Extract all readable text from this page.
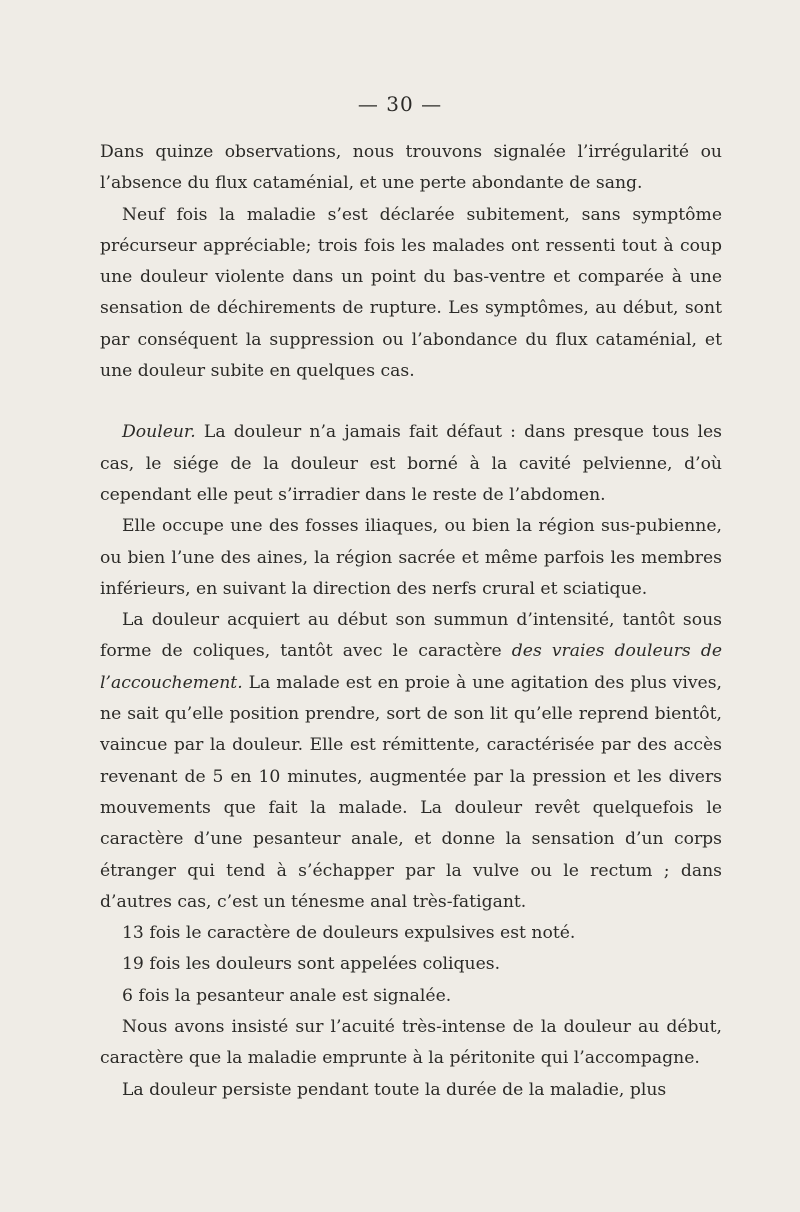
— 30 —

Dans quinze observations, nous trouvons signalée l’irrégularité ou l’absence du flux cataménial, et une perte abondante de sang.

Neuf fois la maladie s’est déclarée subitement, sans symptôme précurseur appréciable; trois fois les malades ont ressenti tout à coup une douleur violente dans un point du bas-ventre et comparée à une sensation de déchirements de rupture. Les symptômes, au début, sont par conséquent la suppression ou l’abondance du flux cataménial, et une douleur subite en quelques cas.

Douleur. La douleur n’a jamais fait défaut : dans presque tous les cas, le siége de la douleur est borné à la cavité pelvienne, d’où cependant elle peut s’irradier dans le reste de l’abdomen.

Elle occupe une des fosses iliaques, ou bien la région sus-pubienne, ou bien l’une des aines, la région sacrée et même parfois les membres inférieurs, en suivant la direction des nerfs crural et sciatique.

La douleur acquiert au début son summun d’intensité, tantôt sous forme de coliques, tantôt avec le caractère des vraies douleurs de l’accouchement. La malade est en proie à une agitation des plus vives, ne sait qu’elle position prendre, sort de son lit qu’elle reprend bientôt, vaincue par la douleur. Elle est rémittente, caractérisée par des accès revenant de 5 en 10 minutes, augmentée par la pression et les divers mouvements que fait la malade. La douleur revêt quelquefois le caractère d’une pesanteur anale, et donne la sensation d’un corps étranger qui tend à s’échapper par la vulve ou le rectum ; dans d’autres cas, c’est un ténesme anal très-fatigant.

13 fois le caractère de douleurs expulsives est noté.

19 fois les douleurs sont appelées coliques.

6 fois la pesanteur anale est signalée.

Nous avons insisté sur l’acuité très-intense de la douleur au début, caractère que la maladie emprunte à la péritonite qui l’accompagne.

La douleur persiste pendant toute la durée de la maladie, plus
